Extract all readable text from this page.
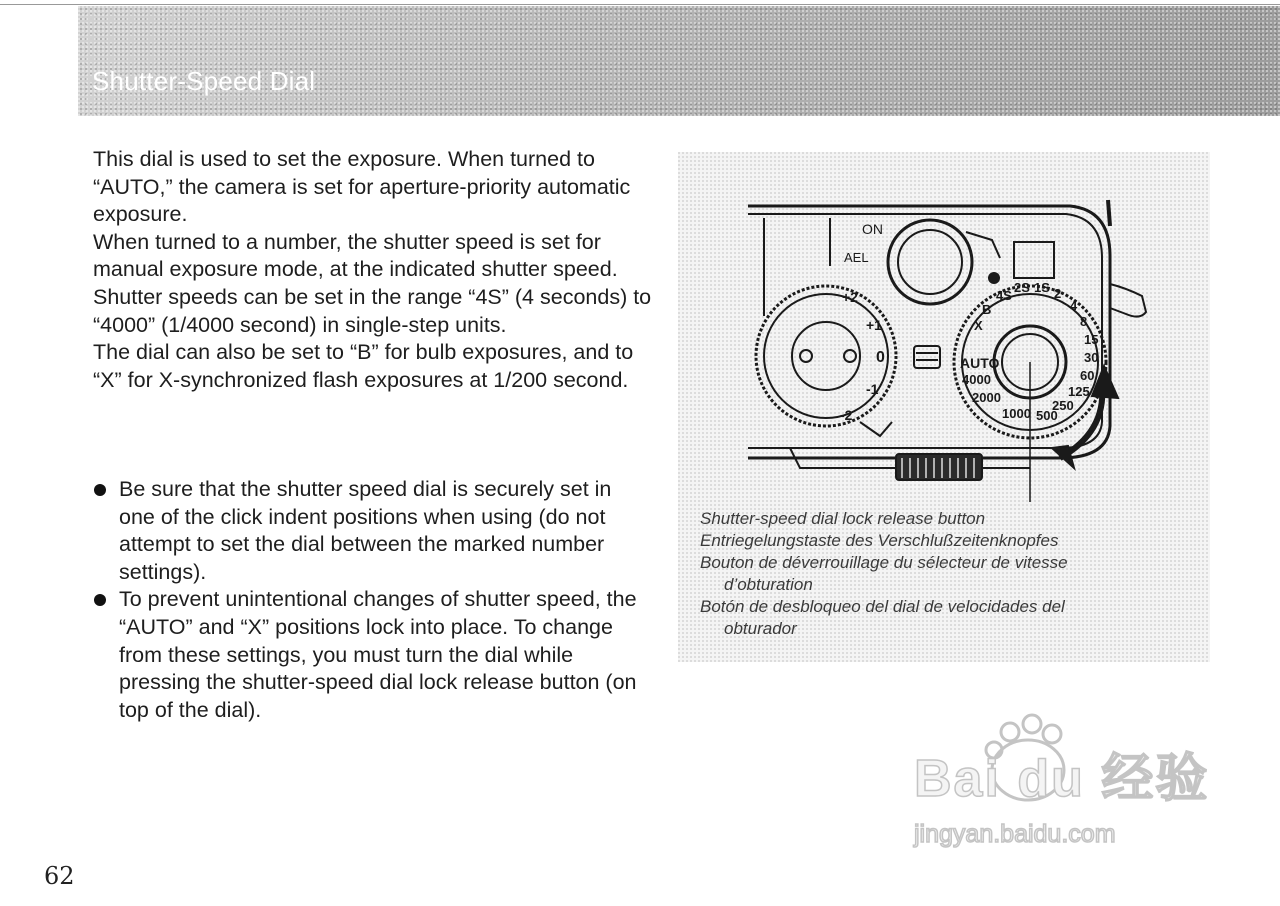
Shutter-Speed Dial

This dial is used to set the exposure. When turned to “AUTO,” the camera is set for aperture-priority automatic exposure.

When turned to a number, the shutter speed is set for manual exposure mode, at the indicated shutter speed. Shutter speeds can be set in the range “4S” (4 seconds) to “4000” (1/4000 second) in single-step units.

The dial can also be set to “B” for bulb exposures, and to “X” for X-synchronized flash exposures at 1/200 second.

Be sure that the shutter speed dial is securely set in one of the click indent positions when using (do not attempt to set the dial between the marked number settings).
To prevent unintentional changes of shutter speed, the “AUTO” and “X” positions lock into place. To change from these settings, you must turn the dial while pressing the shutter-speed dial lock release button (on top of the dial).
ON
AEL
0
+1
+2
-1
-2
AUTO
X
B
4S
2S 1S 2
4
8
15
30
60
125
250
500
1000
2000
4000
Shutter-speed dial lock release button
Entriegelungstaste des Verschlußzeitenknopfes
Bouton de déverrouillage du sélecteur de vitesse
d’obturation
Botón de desbloqueo del dial de velocidades del
obturador
62
Bai du 经验
jingyan.baidu.com
